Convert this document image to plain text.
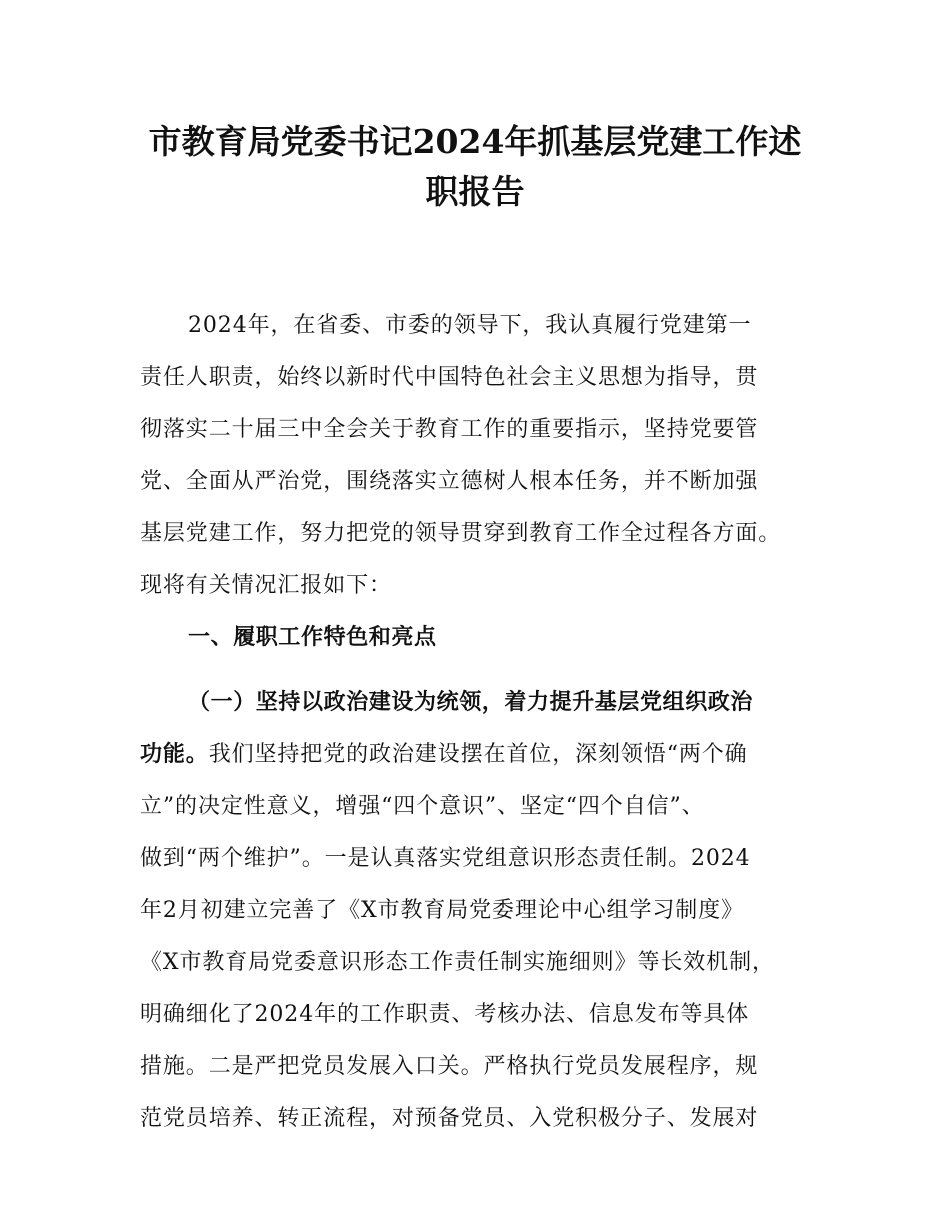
市教育局党委书记2024年抓基层党建工作述
职报告
2024年，在省委、市委的领导下，我认真履行党建第一
责任人职责，始终以新时代中国特色社会主义思想为指导，贯
彻落实二十届三中全会关于教育工作的重要指示，坚持党要管
党、全面从严治党，围绕落实立德树人根本任务，并不断加强
基层党建工作，努力把党的领导贯穿到教育工作全过程各方面。
现将有关情况汇报如下：
一、履职工作特色和亮点
（一）坚持以政治建设为统领，着力提升基层党组织政治
功能。我们坚持把党的政治建设摆在首位，深刻领悟“两个确
立”的决定性意义，增强“四个意识”、坚定“四个自信”、
做到“两个维护”。一是认真落实党组意识形态责任制。2024
年2月初建立完善了《X市教育局党委理论中心组学习制度》
《X市教育局党委意识形态工作责任制实施细则》等长效机制，
明确细化了2024年的工作职责、考核办法、信息发布等具体
措施。二是严把党员发展入口关。严格执行党员发展程序，规
范党员培养、转正流程，对预备党员、入党积极分子、发展对
